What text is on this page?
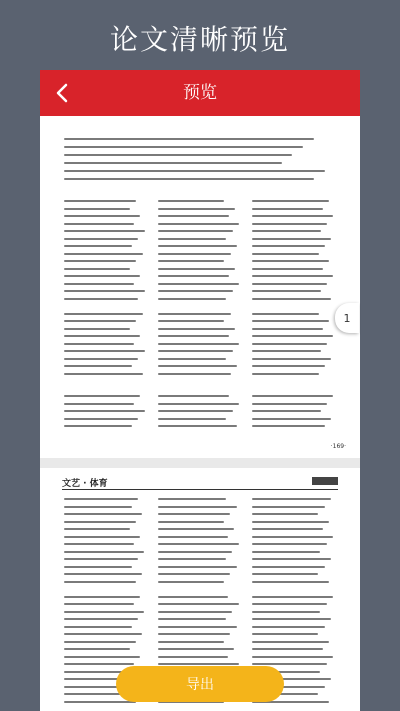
论文清晰预览
预览
·169·
文艺 · 体育
1
导出
